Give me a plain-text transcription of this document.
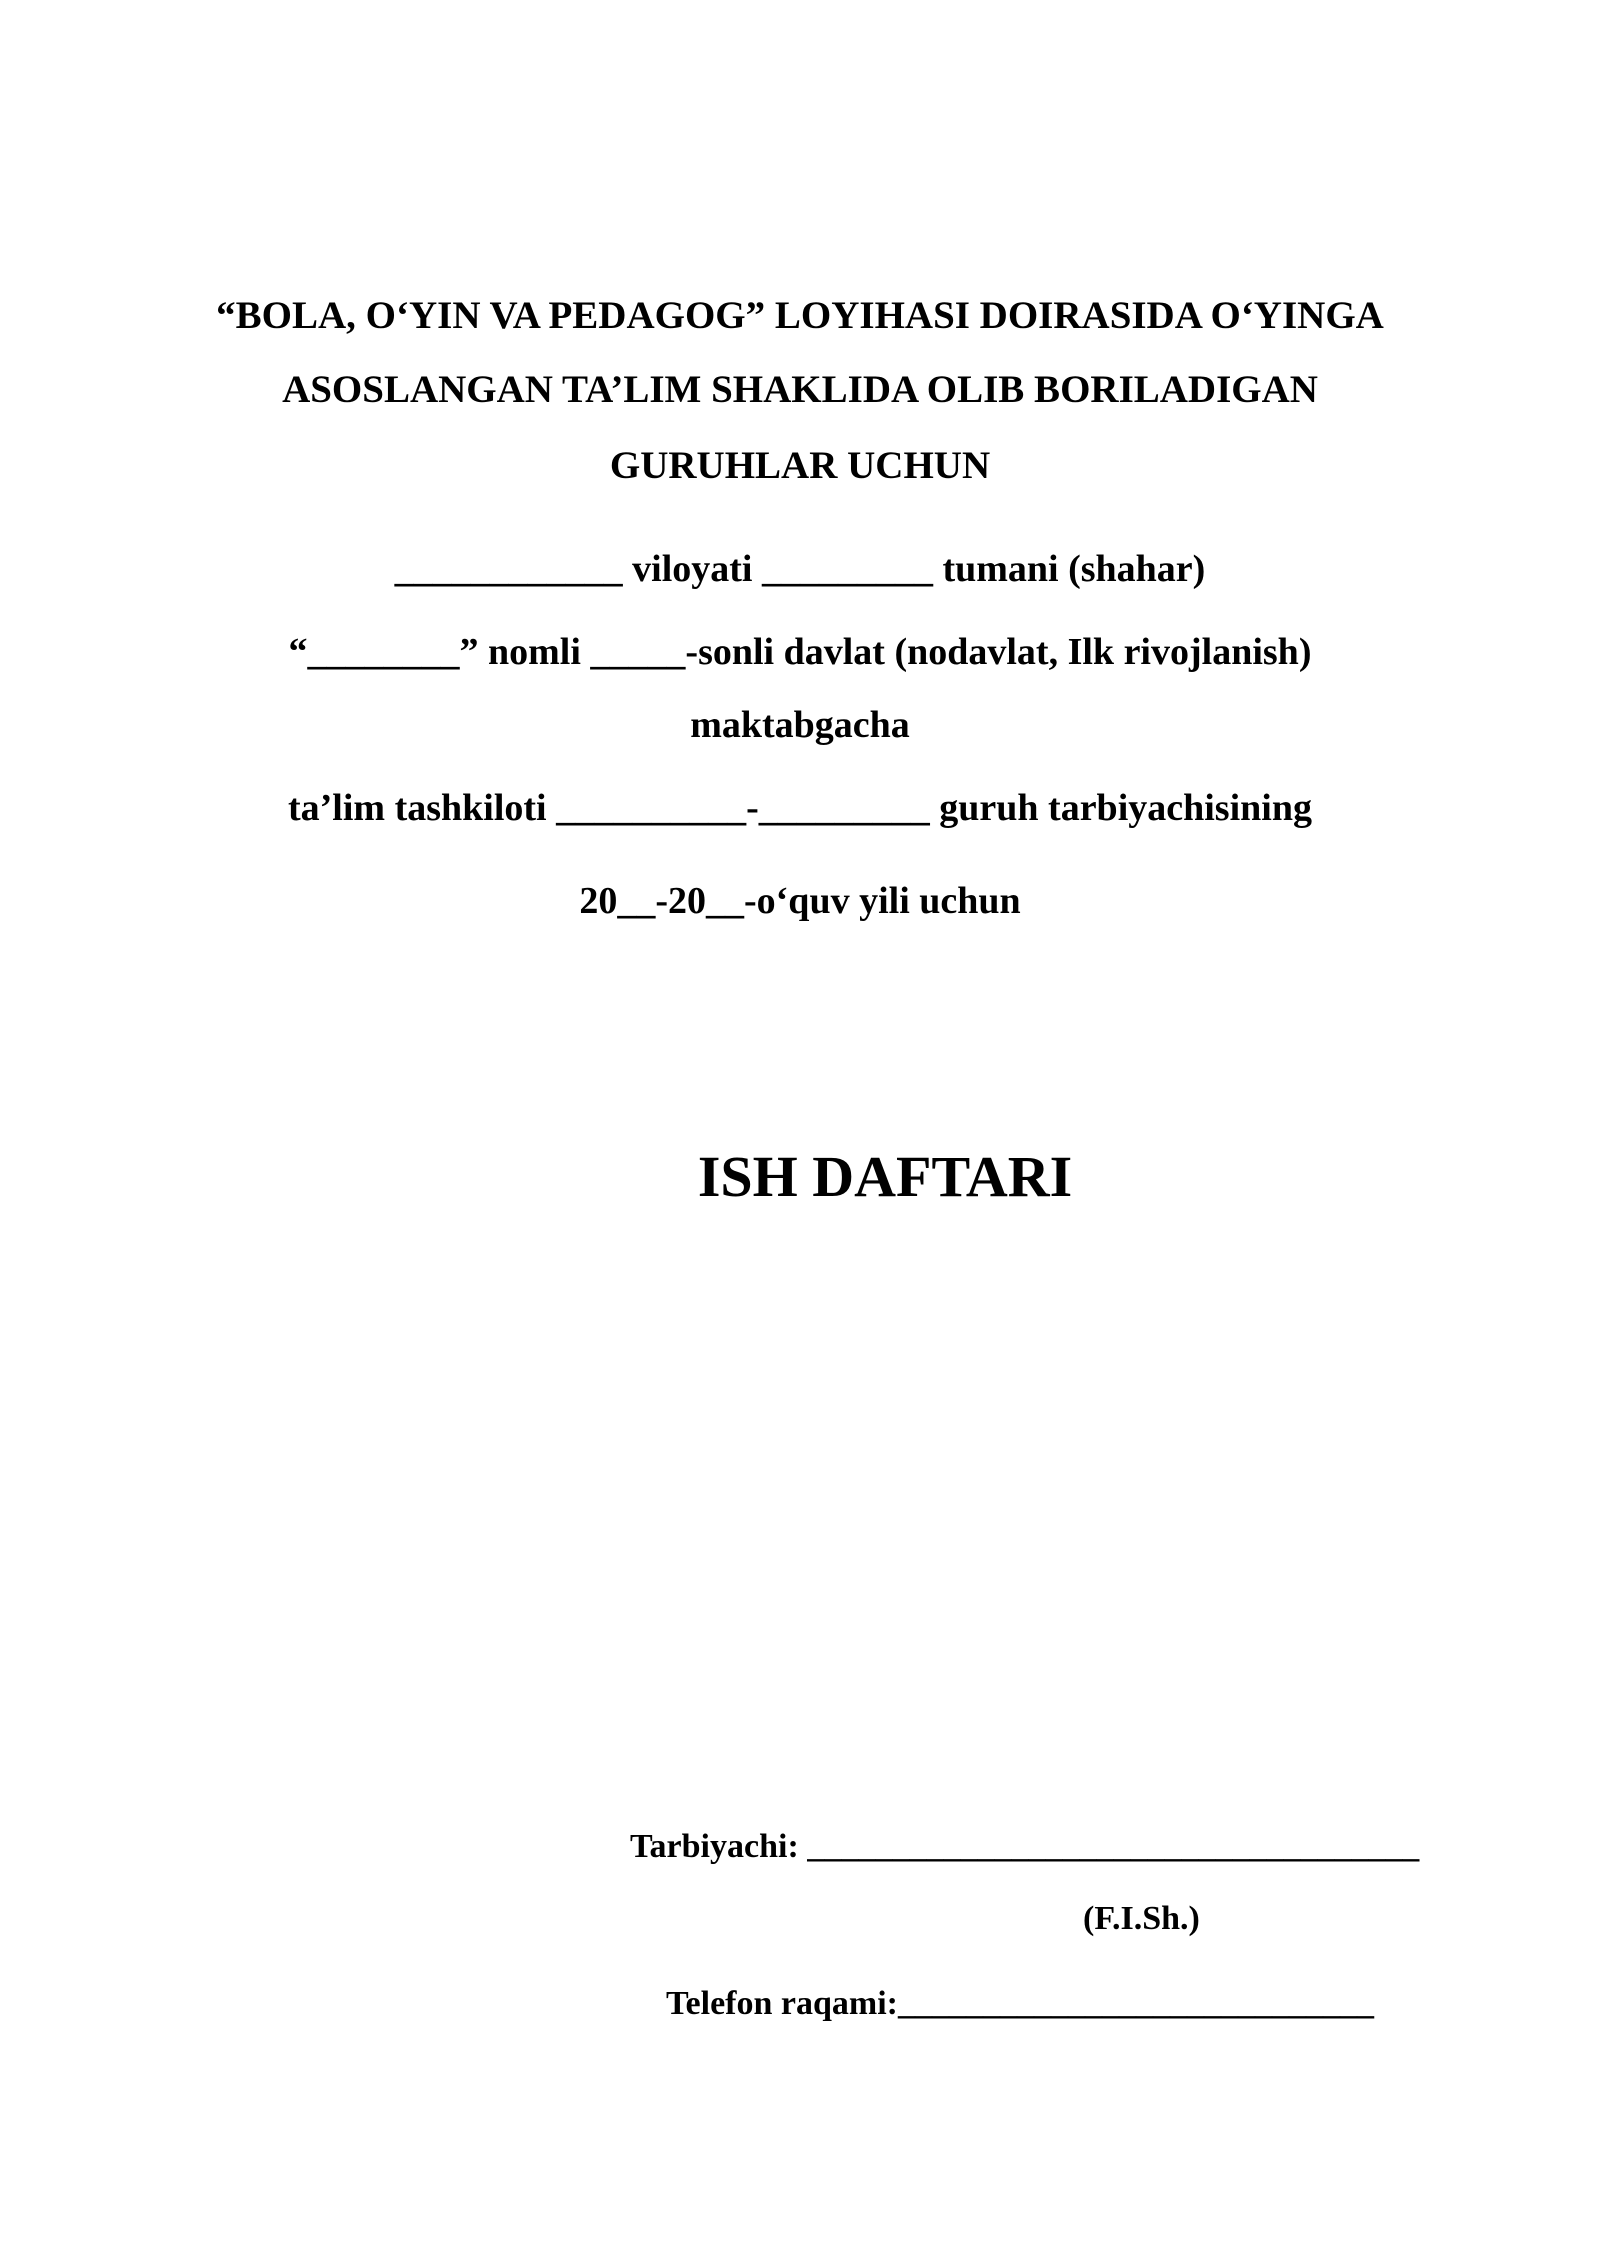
“BOLA, O‘YIN VA PEDAGOG” LOYIHASI DOIRASIDA O‘YINGA
ASOSLANGAN TA’LIM SHAKLIDA OLIB BORILADIGAN
GURUHLAR UCHUN
____________ viloyati _________ tumani (shahar)
“________” nomli _____-sonli davlat (nodavlat, Ilk rivojlanish)
maktabgacha
ta’lim tashkiloti __________-_________ guruh tarbiyachisining
20__-20__-o‘quv yili uchun
ISH DAFTARI
Tarbiyachi: ____________________________________
(F.I.Sh.)
Telefon raqami:____________________________
